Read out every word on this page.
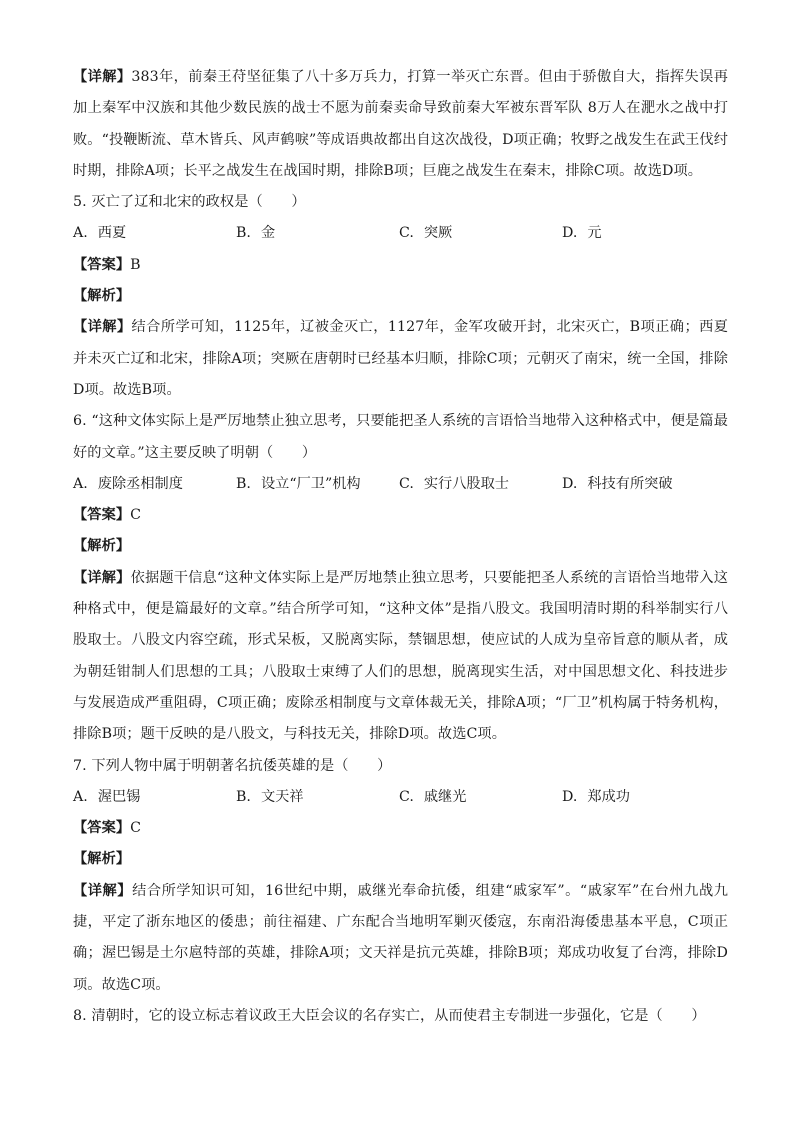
【详解】383年，前秦王苻坚征集了八十多万兵力，打算一举灭亡东晋。但由于骄傲自大，指挥失误再加上秦军中汉族和其他少数民族的战士不愿为前秦卖命导致前秦大军被东晋军队 8万人在淝水之战中打败。“投鞭断流、草木皆兵、风声鹤唳”等成语典故都出自这次战役，D项正确；牧野之战发生在武王伐纣时期，排除A项；长平之战发生在战国时期，排除B项；巨鹿之战发生在秦末，排除C项。故选D项。

5. 灭亡了辽和北宋的政权是（　　）

A. 西夏	B. 金	C. 突厥	D. 元

【答案】B

【解析】

【详解】结合所学可知，1125年，辽被金灭亡，1127年，金军攻破开封，北宋灭亡，B项正确；西夏并未灭亡辽和北宋，排除A项；突厥在唐朝时已经基本归顺，排除C项；元朝灭了南宋，统一全国，排除D项。故选B项。

6. “这种文体实际上是严厉地禁止独立思考，只要能把圣人系统的言语恰当地带入这种格式中，便是篇最好的文章。”这主要反映了明朝（　　）

A. 废除丞相制度	B. 设立“厂卫”机构	C. 实行八股取士	D. 科技有所突破

【答案】C

【解析】

【详解】依据题干信息“这种文体实际上是严厉地禁止独立思考，只要能把圣人系统的言语恰当地带入这种格式中，便是篇最好的文章。”结合所学可知，“这种文体”是指八股文。我国明清时期的科举制实行八股取士。八股文内容空疏，形式呆板，又脱离实际，禁锢思想，使应试的人成为皇帝旨意的顺从者，成为朝廷钳制人们思想的工具；八股取士束缚了人们的思想，脱离现实生活，对中国思想文化、科技进步与发展造成严重阻碍，C项正确；废除丞相制度与文章体裁无关，排除A项；“厂卫”机构属于特务机构，排除B项；题干反映的是八股文，与科技无关，排除D项。故选C项。

7. 下列人物中属于明朝著名抗倭英雄的是（　　）

A. 渥巴锡	B. 文天祥	C. 戚继光	D. 郑成功

【答案】C

【解析】

【详解】结合所学知识可知，16世纪中期，戚继光奉命抗倭，组建“戚家军”。“戚家军”在台州九战九捷，平定了浙东地区的倭患；前往福建、广东配合当地明军剿灭倭寇，东南沿海倭患基本平息，C项正确；渥巴锡是土尔扈特部的英雄，排除A项；文天祥是抗元英雄，排除B项；郑成功收复了台湾，排除D项。故选C项。

8. 清朝时，它的设立标志着议政王大臣会议的名存实亡，从而使君主专制进一步强化，它是（　　）
